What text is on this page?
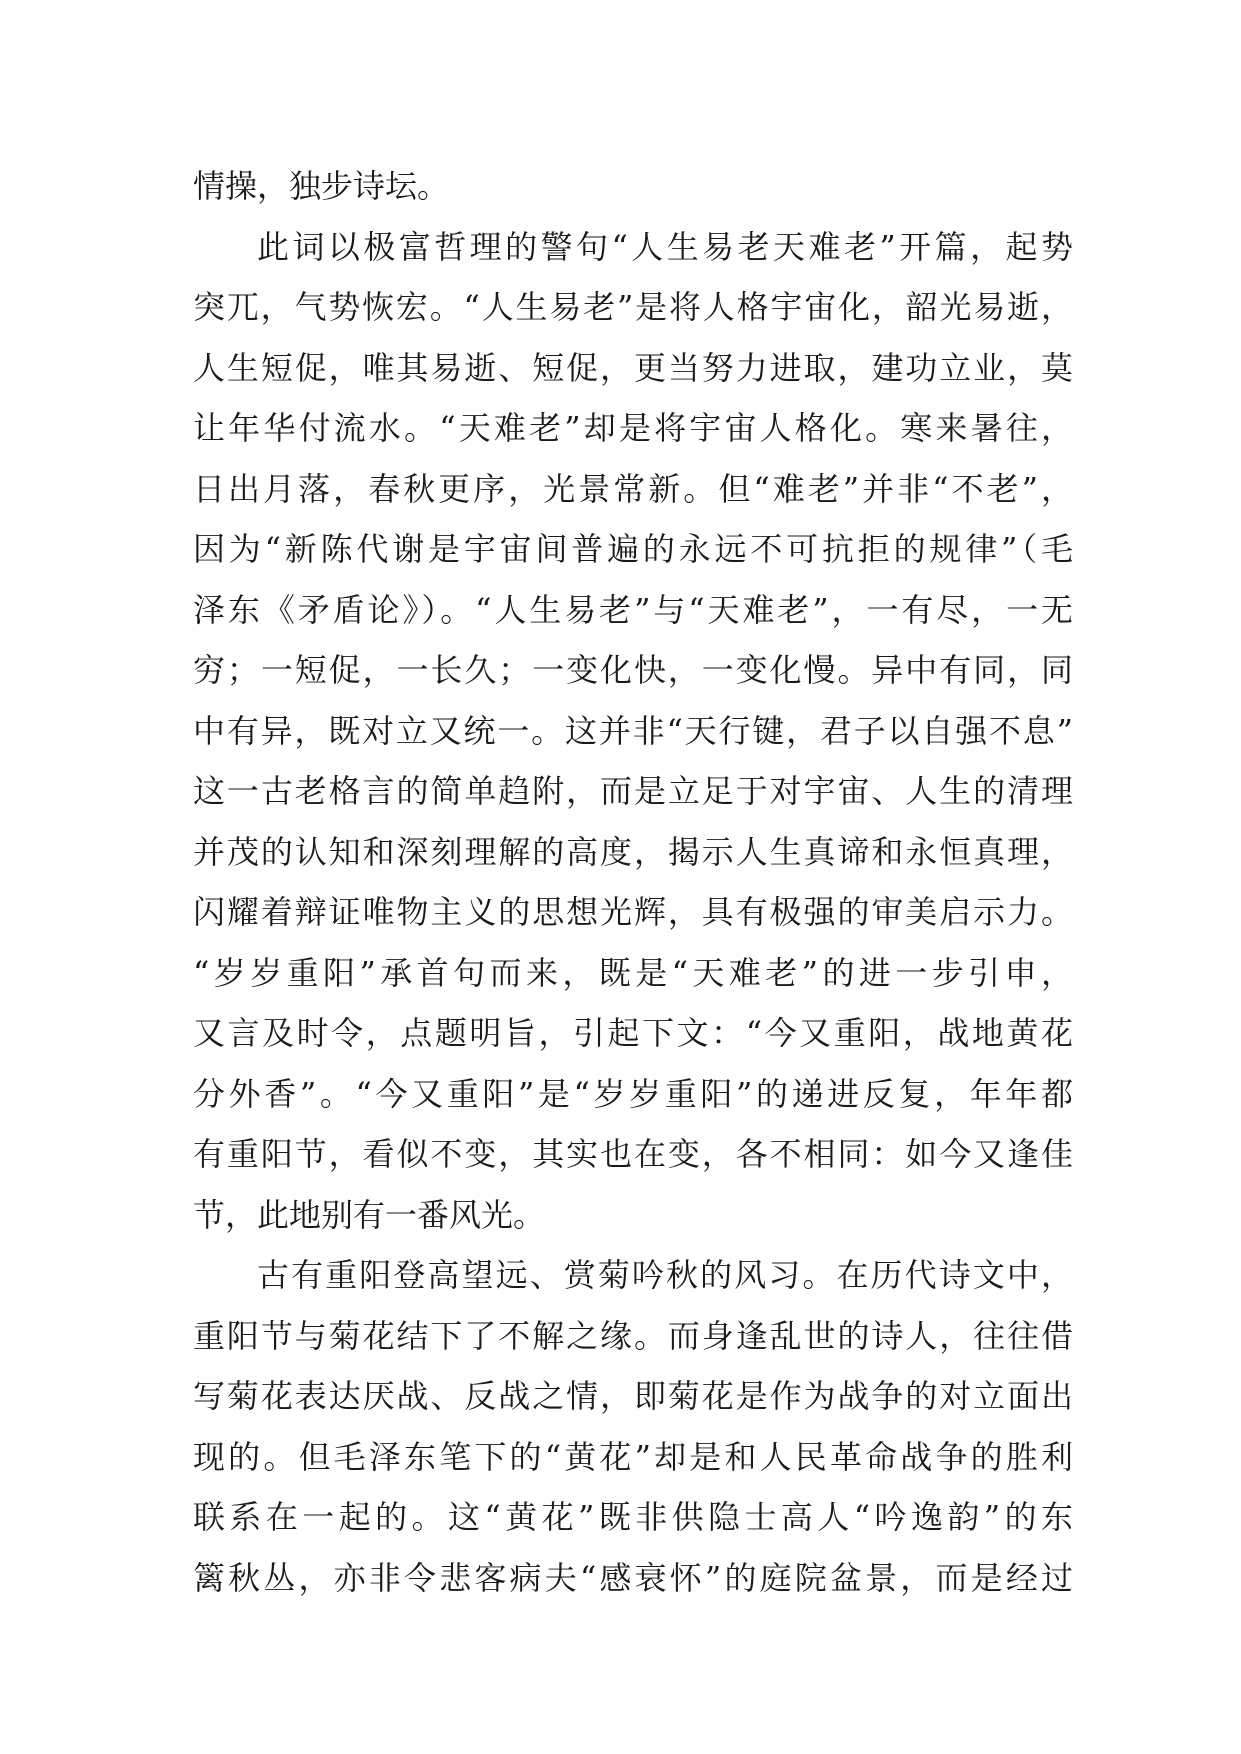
情操，独步诗坛。
此词以极富哲理的警句“人生易老天难老”开篇，起势
突兀，气势恢宏。“人生易老”是将人格宇宙化，韶光易逝，
人生短促，唯其易逝、短促，更当努力进取，建功立业，莫
让年华付流水。“天难老”却是将宇宙人格化。寒来暑往，
日出月落，春秋更序，光景常新。但“难老”并非“不老”，
因为“新陈代谢是宇宙间普遍的永远不可抗拒的规律”（毛
泽东《矛盾论》）。“人生易老”与“天难老”，一有尽，一无
穷；一短促，一长久；一变化快，一变化慢。异中有同，同
中有异，既对立又统一。这并非“天行键，君子以自强不息”
这一古老格言的简单趋附，而是立足于对宇宙、人生的清理
并茂的认知和深刻理解的高度，揭示人生真谛和永恒真理，
闪耀着辩证唯物主义的思想光辉，具有极强的审美启示力。
“岁岁重阳”承首句而来，既是“天难老”的进一步引申，
又言及时令，点题明旨，引起下文：“今又重阳，战地黄花
分外香”。“今又重阳”是“岁岁重阳”的递进反复，年年都
有重阳节，看似不变，其实也在变，各不相同：如今又逢佳
节，此地别有一番风光。
古有重阳登高望远、赏菊吟秋的风习。在历代诗文中，
重阳节与菊花结下了不解之缘。而身逢乱世的诗人，往往借
写菊花表达厌战、反战之情，即菊花是作为战争的对立面出
现的。但毛泽东笔下的“黄花”却是和人民革命战争的胜利
联系在一起的。这“黄花”既非供隐士高人“吟逸韵”的东
篱秋丛，亦非令悲客病夫“感衰怀”的庭院盆景，而是经过
